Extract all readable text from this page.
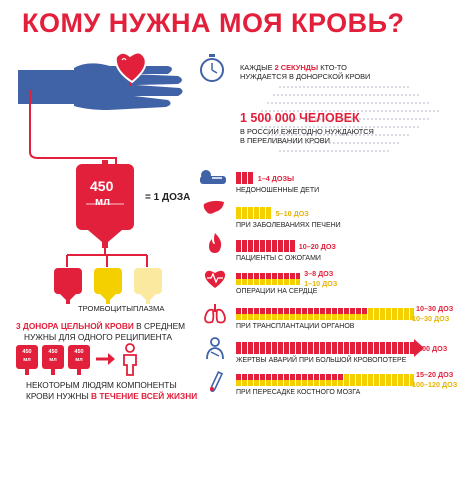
КОМУ НУЖНА МОЯ КРОВЬ?
КАЖДЫЕ 2 СЕКУНДЫ КТО-ТО
НУЖДАЕТСЯ В ДОНОРСКОЙ КРОВИ
1 500 000 ЧЕЛОВЕК
В РОССИИ ЕЖЕГОДНО НУЖДАЮТСЯ
В ПЕРЕЛИВАНИИ КРОВИ
450
мл	= 1 ДОЗА
ТРОМБОЦИТЫ ПЛАЗМА
3 ДОНОРА ЦЕЛЬНОЙ КРОВИ В СРЕДНЕМ
НУЖНЫ ДЛЯ ОДНОГО РЕЦИПИЕНТА
450
мл
450
мл
450
мл
НЕКОТОРЫМ ЛЮДЯМ КОМПОНЕНТЫ
КРОВИ НУЖНЫ В ТЕЧЕНИЕ ВСЕЙ ЖИЗНИ
НЕДОНОШЕННЫЕ ДЕТИ
1–4 ДОЗЫ
ПРИ ЗАБОЛЕВАНИЯХ ПЕЧЕНИ
5–10 ДОЗ
ПАЦИЕНТЫ С ОЖОГАМИ
10–20 ДОЗ
ОПЕРАЦИИ НА СЕРДЦЕ
3–8 ДОЗ
1–10 ДОЗ
ПРИ ТРАНСПЛАНТАЦИИ ОРГАНОВ
10–30 ДОЗ
10–30 ДОЗ
ЖЕРТВЫ АВАРИЙ ПРИ БОЛЬШОЙ КРОВОПОТЕРЕ
5–100 ДОЗ
ПРИ ПЕРЕСАДКЕ КОСТНОГО МОЗГА
15–20 ДОЗ
100–120 ДОЗ
